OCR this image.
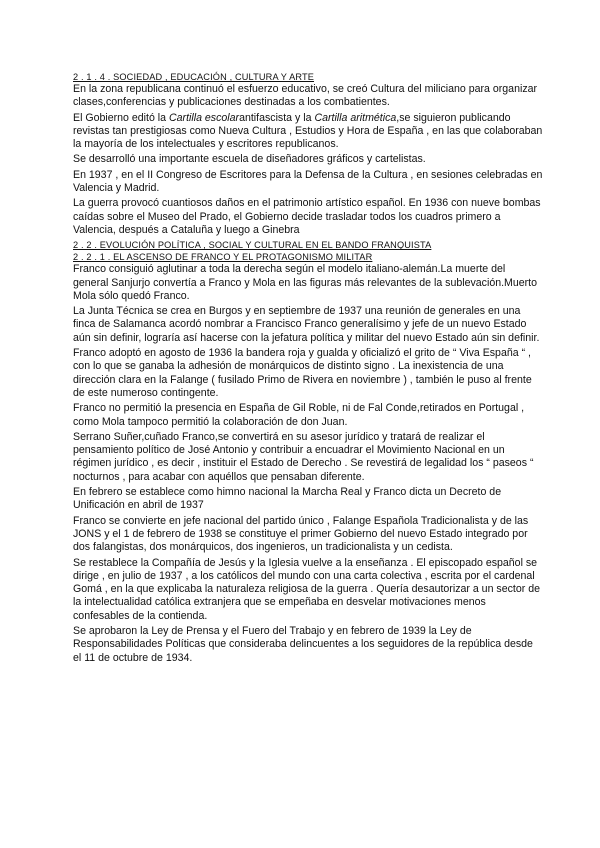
2 . 1 . 4 . SOCIEDAD , EDUCACIÓN , CULTURA Y ARTE

En la zona republicana continuó el esfuerzo educativo, se creó Cultura del miliciano para organizar clases,conferencias y publicaciones destinadas a los combatientes.

El Gobierno editó la Cartilla escolarantifascista y la Cartilla aritmética,se siguieron publicando revistas tan prestigiosas como Nueva Cultura , Estudios y Hora de España , en las que colaboraban la mayoría de los intelectuales y escritores republicanos.

Se desarrolló una importante escuela de diseñadores gráficos y cartelistas.

En 1937 , en el II Congreso de Escritores para la Defensa de la Cultura , en sesiones celebradas en Valencia y Madrid.

La guerra provocó cuantiosos daños en el patrimonio artístico español. En 1936 con nueve bombas caídas sobre el Museo del Prado, el Gobierno decide trasladar todos los cuadros primero a Valencia, después a Cataluña y luego a Ginebra

2 . 2 . EVOLUCIÓN POLÍTICA , SOCIAL Y CULTURAL EN EL BANDO FRANQUISTA
2 . 2 . 1 . EL ASCENSO DE FRANCO Y EL PROTAGONISMO MILITAR

Franco consiguió aglutinar a toda la derecha según el modelo italiano-alemán.La muerte del general Sanjurjo convertía a Franco y Mola en las figuras más relevantes de la sublevación.Muerto Mola sólo quedó Franco.

La Junta Técnica se crea en Burgos y en septiembre de 1937 una reunión de generales en una finca de Salamanca acordó nombrar a Francisco Franco generalísimo y jefe de un nuevo Estado aún sin definir, lograría así hacerse con la jefatura política y militar del nuevo Estado aún sin definir.

Franco adoptó en agosto de 1936 la bandera roja y gualda y oficializó el grito de “ Viva España “ , con lo que se ganaba la adhesión de monárquicos de distinto signo . La inexistencia de una dirección clara en la Falange ( fusilado Primo de Rivera en noviembre ) , también le puso al frente de este numeroso contingente.

Franco no permitió la presencia en España de Gil Roble, ni de Fal Conde,retirados en Portugal , como Mola tampoco permitió la colaboración de don Juan.

Serrano Suñer,cuñado Franco,se convertirá en su asesor jurídico y tratará de realizar el pensamiento político de José Antonio y contribuir a encuadrar el Movimiento Nacional en un régimen jurídico , es decir , instituir el Estado de Derecho . Se revestirá de legalidad los “ paseos “ nocturnos , para acabar con aquéllos que pensaban diferente.

En febrero se establece como himno nacional la Marcha Real y Franco dicta un Decreto de Unificación en abril de 1937

Franco se convierte en jefe nacional del partido único , Falange Española Tradicionalista y de las JONS y el 1 de febrero de 1938 se constituye el primer Gobierno del nuevo Estado integrado por dos falangistas, dos monárquicos, dos ingenieros, un tradicionalista y un cedista.

Se restablece la Compañía de Jesús y la Iglesia vuelve a la enseñanza . El episcopado español se dirige , en julio de 1937 , a los católicos del mundo con una carta colectiva , escrita por el cardenal Gomá , en la que explicaba la naturaleza religiosa de la guerra . Quería desautorizar a un sector de la intelectualidad católica extranjera que se empeñaba en desvelar motivaciones menos confesables de la contienda.

Se aprobaron la Ley de Prensa y el Fuero del Trabajo y en febrero de 1939 la Ley de Responsabilidades Políticas que consideraba delincuentes a los seguidores de la república desde el 11 de octubre de 1934.
